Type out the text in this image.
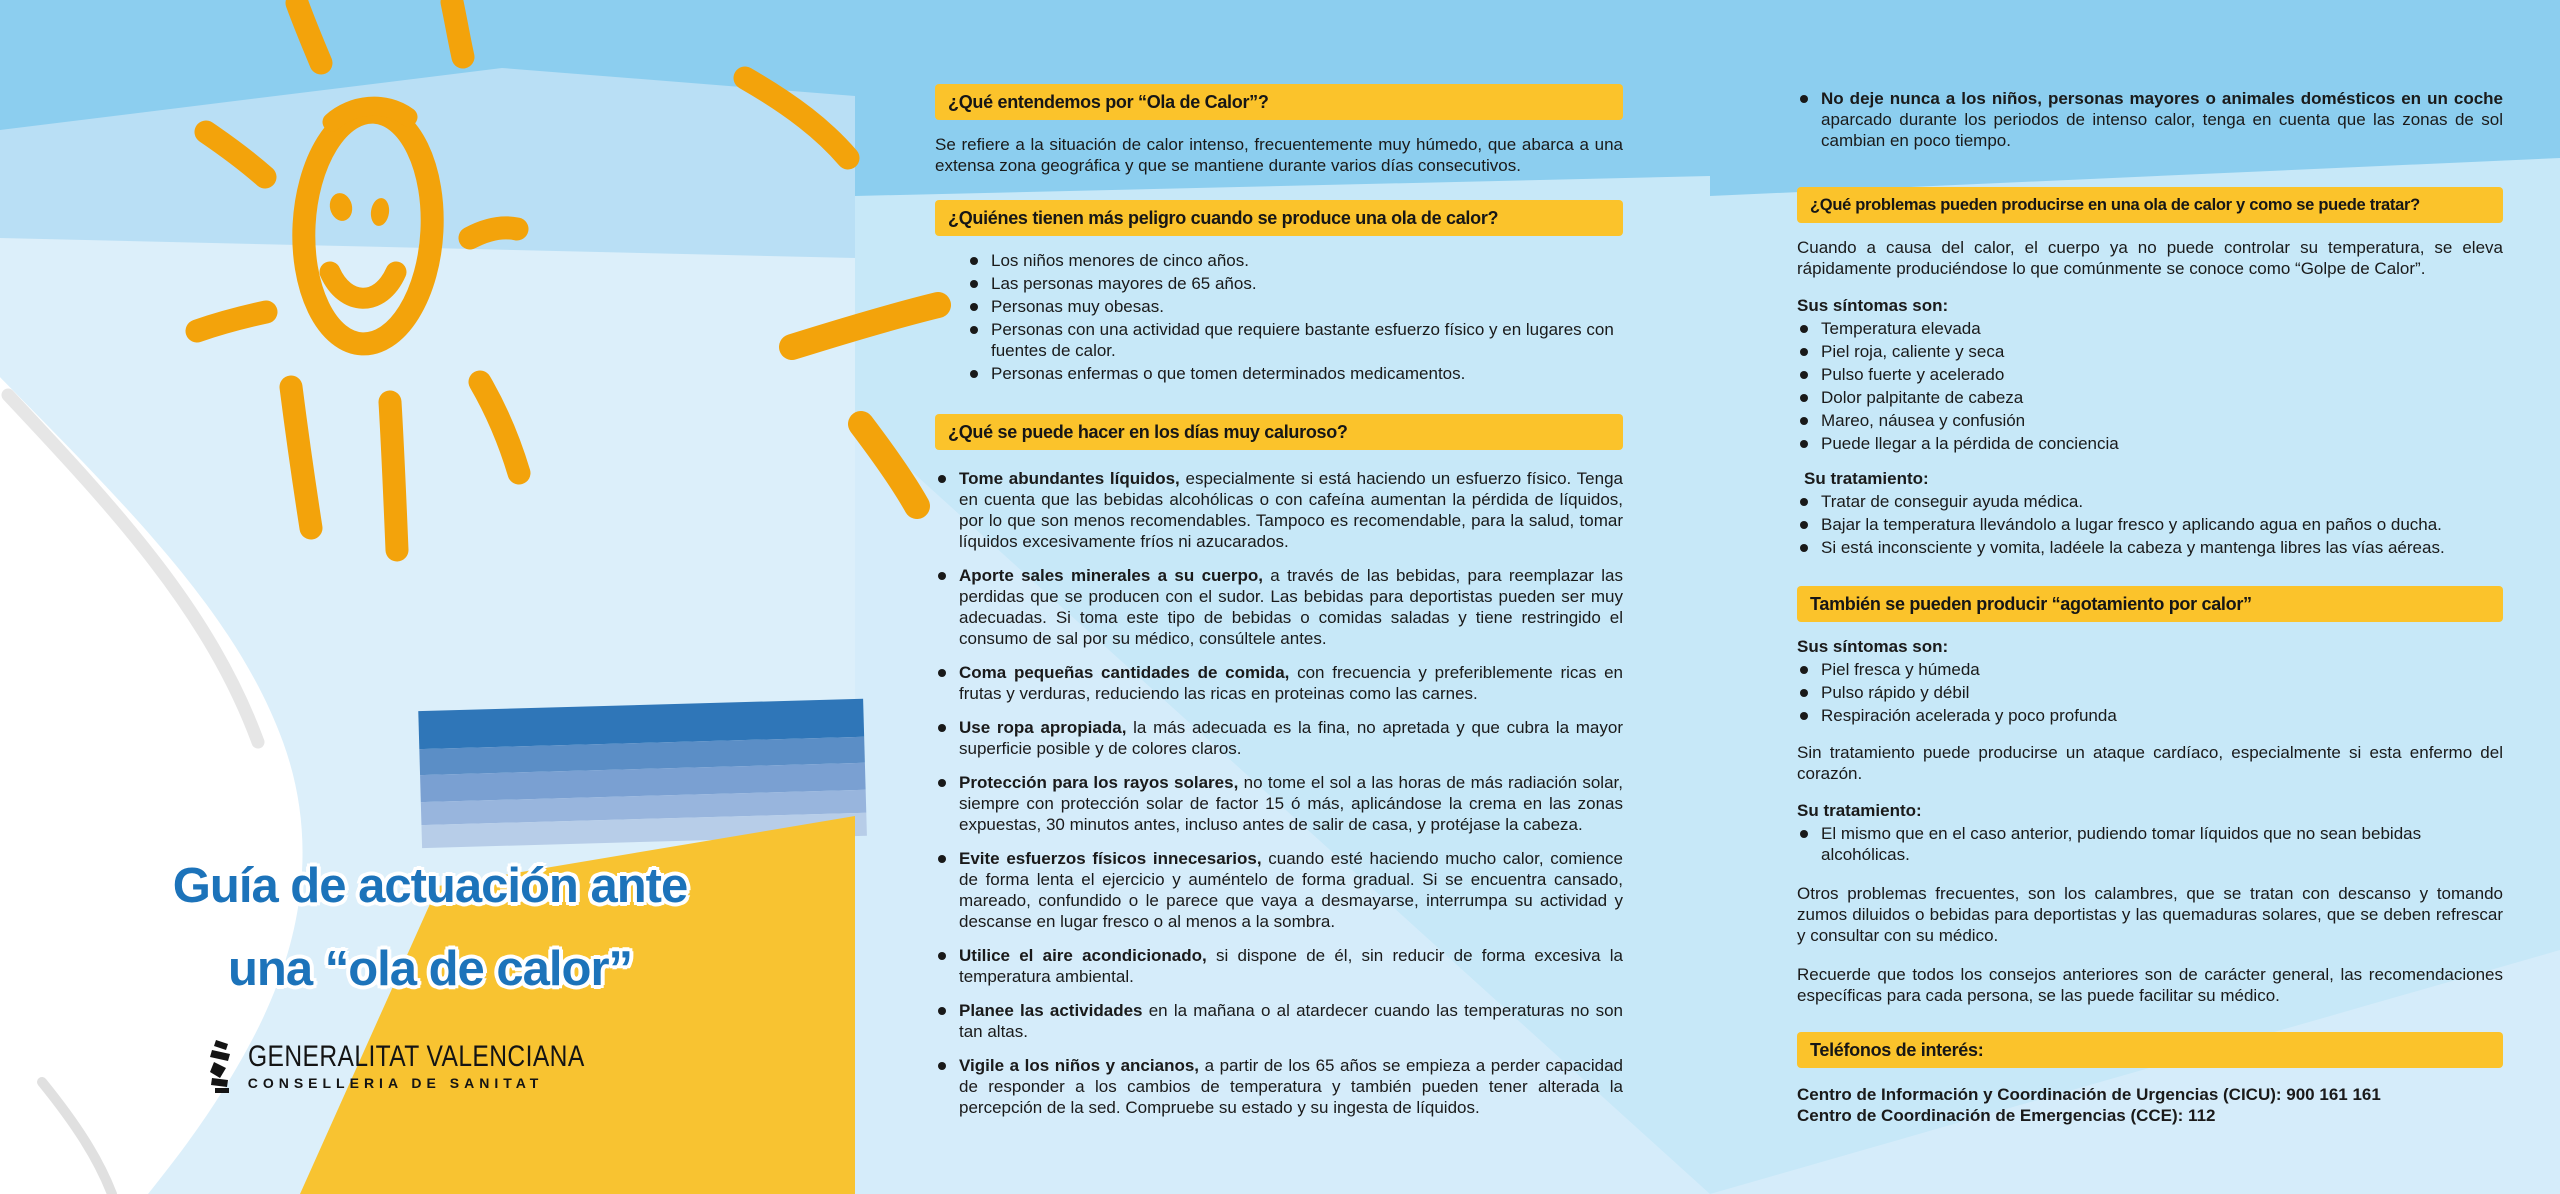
Guía de actuación ante
una “ola de calor”
GENERALITAT VALENCIANA
CONSELLERIA DE SANITAT
¿Qué entendemos por “Ola de Calor”?

Se refiere a la situación de calor intenso, frecuentemente muy húmedo, que abarca a una extensa zona geográfica y que se mantiene durante varios días consecutivos.

¿Quiénes tienen más peligro cuando se produce una ola de calor?
Los niños menores de cinco años.
Las personas mayores de 65 años.
Personas muy obesas.
Personas con una actividad que requiere bastante esfuerzo físico y en lugares con fuentes de calor.
Personas enfermas o que tomen determinados medicamentos.
¿Qué se puede hacer en los días muy caluroso?
Tome abundantes líquidos, especialmente si está haciendo un esfuerzo físico. Tenga en cuenta que las bebidas alcohólicas o con cafeína aumentan la pérdida de líquidos, por lo que son menos recomendables. Tampoco es recomendable, para la salud, tomar líquidos excesivamente fríos ni azucarados.
Aporte sales minerales a su cuerpo, a través de las bebidas, para reemplazar las perdidas que se producen con el sudor. Las bebidas para deportistas pueden ser muy adecuadas. Si toma este tipo de bebidas o comidas saladas y tiene restringido el consumo de sal por su médico, consúltele antes.
Coma pequeñas cantidades de comida, con frecuencia y preferiblemente ricas en frutas y verduras, reduciendo las ricas en proteinas como las carnes.
Use ropa apropiada, la más adecuada es la fina, no apretada y que cubra la mayor superficie posible y de colores claros.
Protección para los rayos solares, no tome el sol a las horas de más radiación solar, siempre con protección solar de factor 15 ó más, aplicándose la crema en las zonas expuestas, 30 minutos antes, incluso antes de salir de casa, y protéjase la cabeza.
Evite esfuerzos físicos innecesarios, cuando esté haciendo mucho calor, comience de forma lenta el ejercicio y auméntelo de forma gradual. Si se encuentra cansado, mareado, confundido o le parece que vaya a desmayarse, interrumpa su actividad y descanse en lugar fresco o al menos a la sombra.
Utilice el aire acondicionado, si dispone de él, sin reducir de forma excesiva la temperatura ambiental.
Planee las actividades en la mañana o al atardecer cuando las temperaturas no son tan altas.
Vigile a los niños y ancianos, a partir de los 65 años se empieza a perder capacidad de responder a los cambios de temperatura y también pueden tener alterada la percepción de la sed. Compruebe su estado y su ingesta de líquidos.
No deje nunca a los niños, personas mayores o animales domésticos en un coche aparcado durante los periodos de intenso calor, tenga en cuenta que las zonas de sol cambian en poco tiempo.
¿Qué problemas pueden producirse en una ola de calor y como se puede tratar?

Cuando a causa del calor, el cuerpo ya no puede controlar su temperatura, se eleva rápidamente produciéndose lo que comúnmente se conoce como “Golpe de Calor”.

Sus síntomas son:
Temperatura elevada
Piel roja, caliente y seca
Pulso fuerte y acelerado
Dolor palpitante de cabeza
Mareo, náusea y confusión
Puede llegar a la pérdida de conciencia
Su tratamiento:
Tratar de conseguir ayuda médica.
Bajar la temperatura llevándolo a lugar fresco y aplicando agua en paños o ducha.
Si está inconsciente y vomita, ladéele la cabeza y mantenga libres las vías aéreas.
También se pueden producir “agotamiento por calor”
Sus síntomas son:
Piel fresca y húmeda
Pulso rápido y débil
Respiración acelerada y poco profunda

Sin tratamiento puede producirse un ataque cardíaco, especialmente si esta enfermo del corazón.

Su tratamiento:
El mismo que en el caso anterior, pudiendo tomar líquidos que no sean bebidas alcohólicas.

Otros problemas frecuentes, son los calambres, que se tratan con descanso y tomando zumos diluidos o bebidas para deportistas y las quemaduras solares, que se deben refrescar y consultar con su médico.

Recuerde que todos los consejos anteriores son de carácter general, las recomendaciones específicas para cada persona, se las puede facilitar su médico.

Teléfonos de interés:

Centro de Información y Coordinación de Urgencias (CICU): 900 161 161

Centro de Coordinación de Emergencias (CCE): 112
